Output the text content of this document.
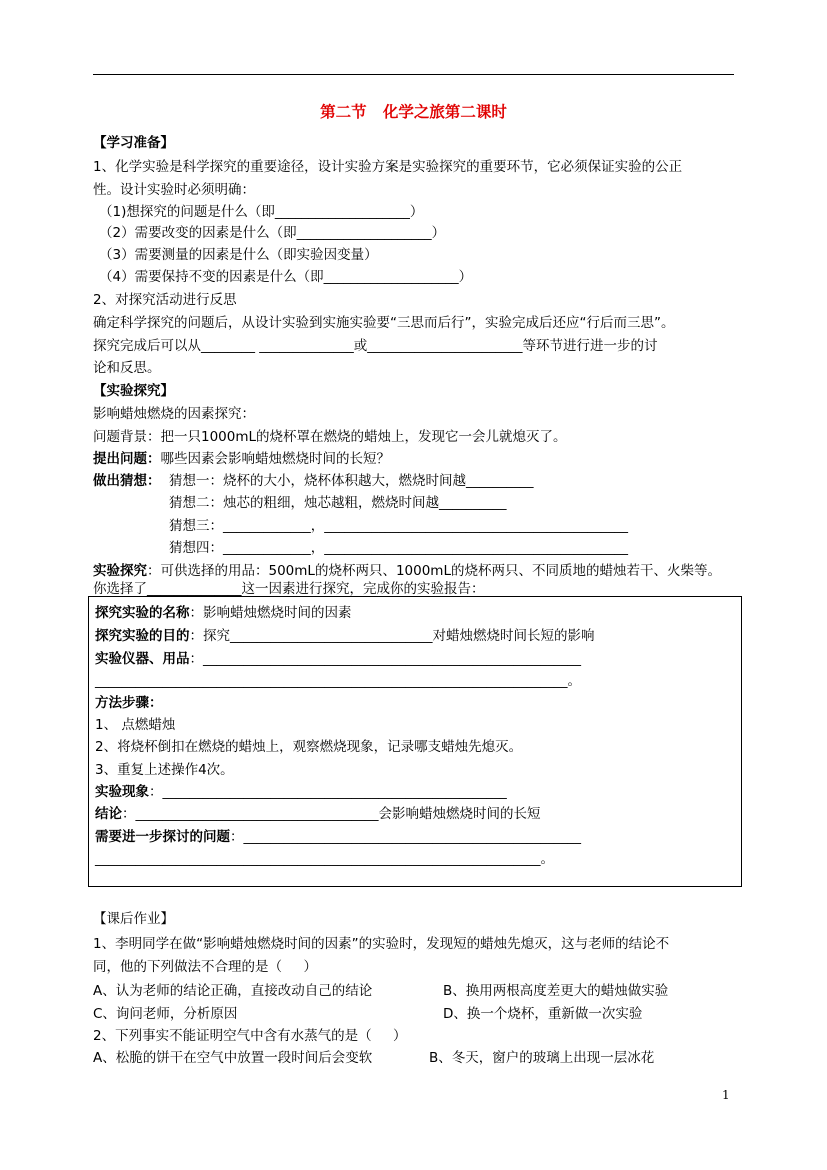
第二节   化学之旅第二课时
【学习准备】
1、化学实验是科学探究的重要途径，设计实验方案是实验探究的重要环节，它必须保证实验的公正
性。设计实验时必须明确：
（1)想探究的问题是什么（即____________________）
（2）需要改变的因素是什么（即____________________）
（3）需要测量的因素是什么（即实验因变量）
（4）需要保持不变的因素是什么（即____________________）
2、对探究活动进行反思
确定科学探究的问题后，从设计实验到实施实验要“三思而后行”，实验完成后还应“行后而三思”。
探究完成后可以从________ ______________或_______________________等环节进行进一步的讨
论和反思。
【实验探究】
影响蜡烛燃烧的因素探究：
问题背景：把一只1000mL的烧杯罩在燃烧的蜡烛上，发现它一会儿就熄灭了。
提出问题：哪些因素会影响蜡烛燃烧时间的长短？
做出猜想： 猜想一：烧杯的大小，烧杯体积越大，燃烧时间越__________
猜想二：烛芯的粗细，烛芯越粗，燃烧时间越__________
猜想三：_____________，_____________________________________________
猜想四：_____________，_____________________________________________
实验探究：可供选择的用品：500mL的烧杯两只、1000mL的烧杯两只、不同质地的蜡烛若干、火柴等。
你选择了______________这一因素进行探究，完成你的实验报告：
探究实验的名称：影响蜡烛燃烧时间的因素
探究实验的目的：探究______________________________对蜡烛燃烧时间长短的影响
实验仪器、用品：________________________________________________________
______________________________________________________________________。
方法步骤：
1、 点燃蜡烛
2、将烧杯倒扣在燃烧的蜡烛上，观察燃烧现象，记录哪支蜡烛先熄灭。
3、重复上述操作4次。
实验现象：___________________________________________________
结论：____________________________________会影响蜡烛燃烧时间的长短
需要进一步探讨的问题：__________________________________________________
__________________________________________________________________。
【课后作业】
1、李明同学在做“影响蜡烛燃烧时间的因素”的实验时，发现短的蜡烛先熄灭，这与老师的结论不
同，他的下列做法不合理的是（     ）
A、认为老师的结论正确，直接改动自己的结论	B、换用两根高度差更大的蜡烛做实验
C、询问老师，分析原因	D、换一个烧杯，重新做一次实验
2、下列事实不能证明空气中含有水蒸气的是（     ）
A、松脆的饼干在空气中放置一段时间后会变软	B、冬天，窗户的玻璃上出现一层冰花
1
